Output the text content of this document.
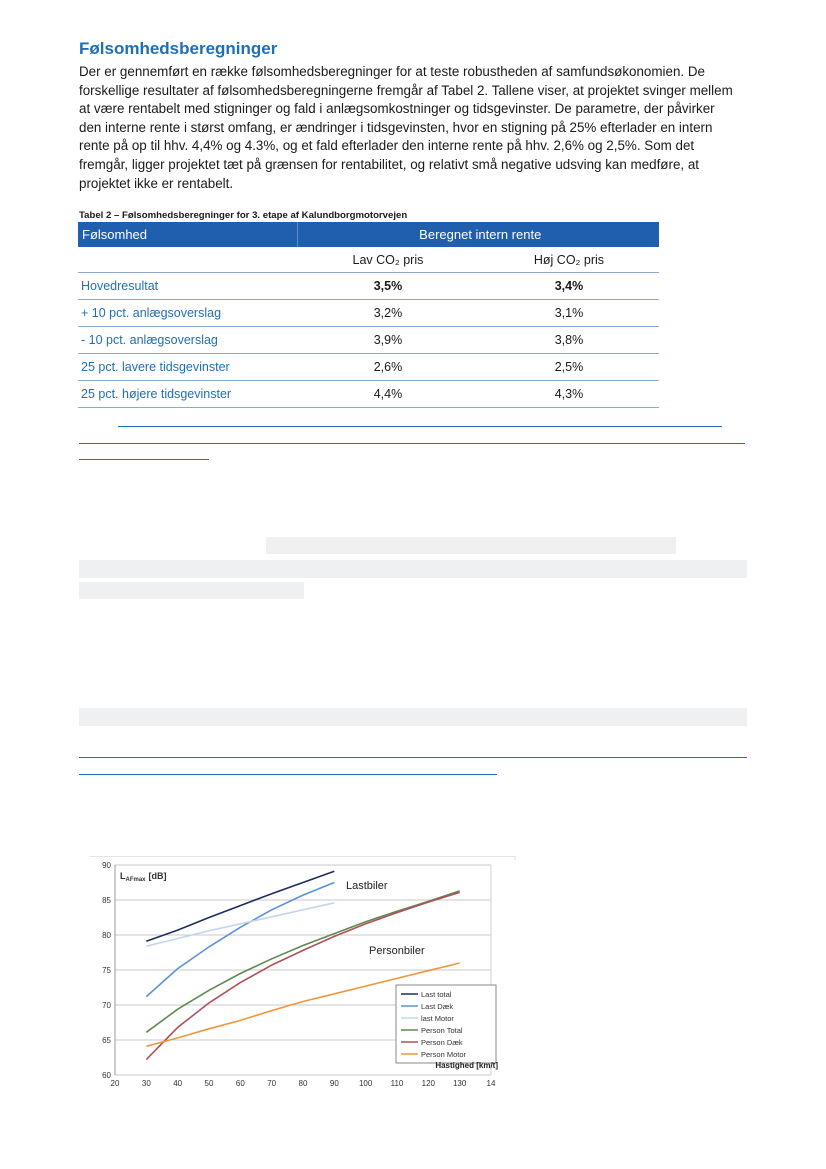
Følsomhedsberegninger

Der er gennemført en række følsomhedsberegninger for at teste robustheden af samfundsøkonomien. De forskellige resultater af følsomhedsberegningerne fremgår af Tabel 2. Tallene viser, at projektet svinger mellem at være rentabelt med stigninger og fald i anlægsomkostninger og tidsgevinster. De parametre, der påvirker den interne rente i størst omfang, er ændringer i tidsgevinsten, hvor en stigning på 25% efterlader en intern rente på op til hhv. 4,4% og 4.3%, og et fald efterlader den interne rente på hhv. 2,6% og 2,5%. Som det fremgår, ligger projektet tæt på grænsen for rentabilitet, og relativt små negative udsving kan medføre, at projektet ikke er rentabelt.

Tabel 2 – Følsomhedsberegninger for 3. etape af Kalundborgmotorvejen
Følsomhed	Beregnet intern rente	
	Lav CO₂ pris	Høj CO₂ pris
Hovedresultat	3,5%	3,4%
+ 10 pct. anlægsoverslag	3,2%	3,1%
- 10 pct. anlægsoverslag	3,9%	3,8%
25 pct. lavere tidsgevinster	2,6%	2,5%
25 pct. højere tidsgevinster	4,4%	4,3%
60
65
70
75
80
85
90
20	30	40	50	60	70	80	90	100 110 120 130	14
$L_{AFmax}$ [dB]
Lastbiler
Personbiler
Last total
Last Dæk
last Motor
Person Total
Person Dæk
Person Motor
Hastighed [km/t]
